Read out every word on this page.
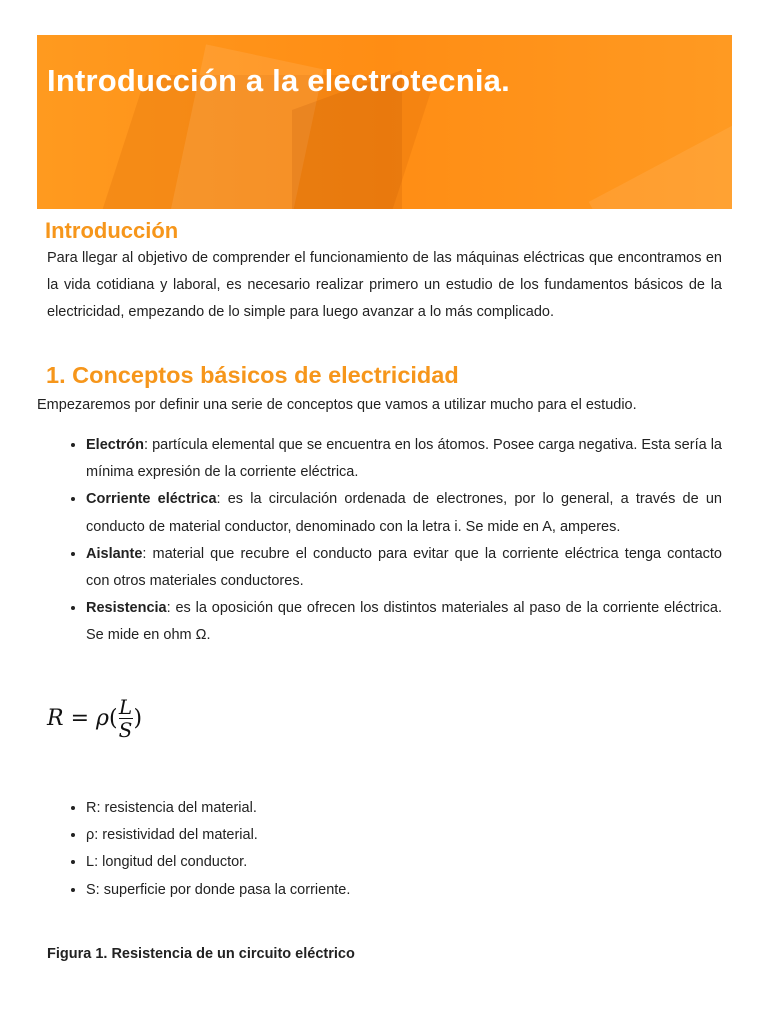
Introducción a la electrotecnia.
Introducción

Para llegar al objetivo de comprender el funcionamiento de las máquinas eléctricas que encontramos en la vida cotidiana y laboral, es necesario realizar primero un estudio de los fundamentos básicos de la electricidad, empezando de lo simple para luego avanzar a lo más complicado.

1. Conceptos básicos de electricidad

Empezaremos por definir una serie de conceptos que vamos a utilizar mucho para el estudio.

• Electrón: partícula elemental que se encuentra en los átomos. Posee carga negativa. Esta sería la mínima expresión de la corriente eléctrica.
• Corriente eléctrica: es la circulación ordenada de electrones, por lo general, a través de un conducto de material conductor, denominado con la letra i. Se mide en A, amperes.
• Aislante: material que recubre el conducto para evitar que la corriente eléctrica tenga contacto con otros materiales conductores.
• Resistencia: es la oposición que ofrecen los distintos materiales al paso de la corriente eléctrica. Se mide en ohm Ω.
R = ρ ( $\frac{L}{S}$ )
• R: resistencia del material.
• ρ: resistividad del material.
• L: longitud del conductor.
• S: superficie por donde pasa la corriente.

Figura 1. Resistencia de un circuito eléctrico
